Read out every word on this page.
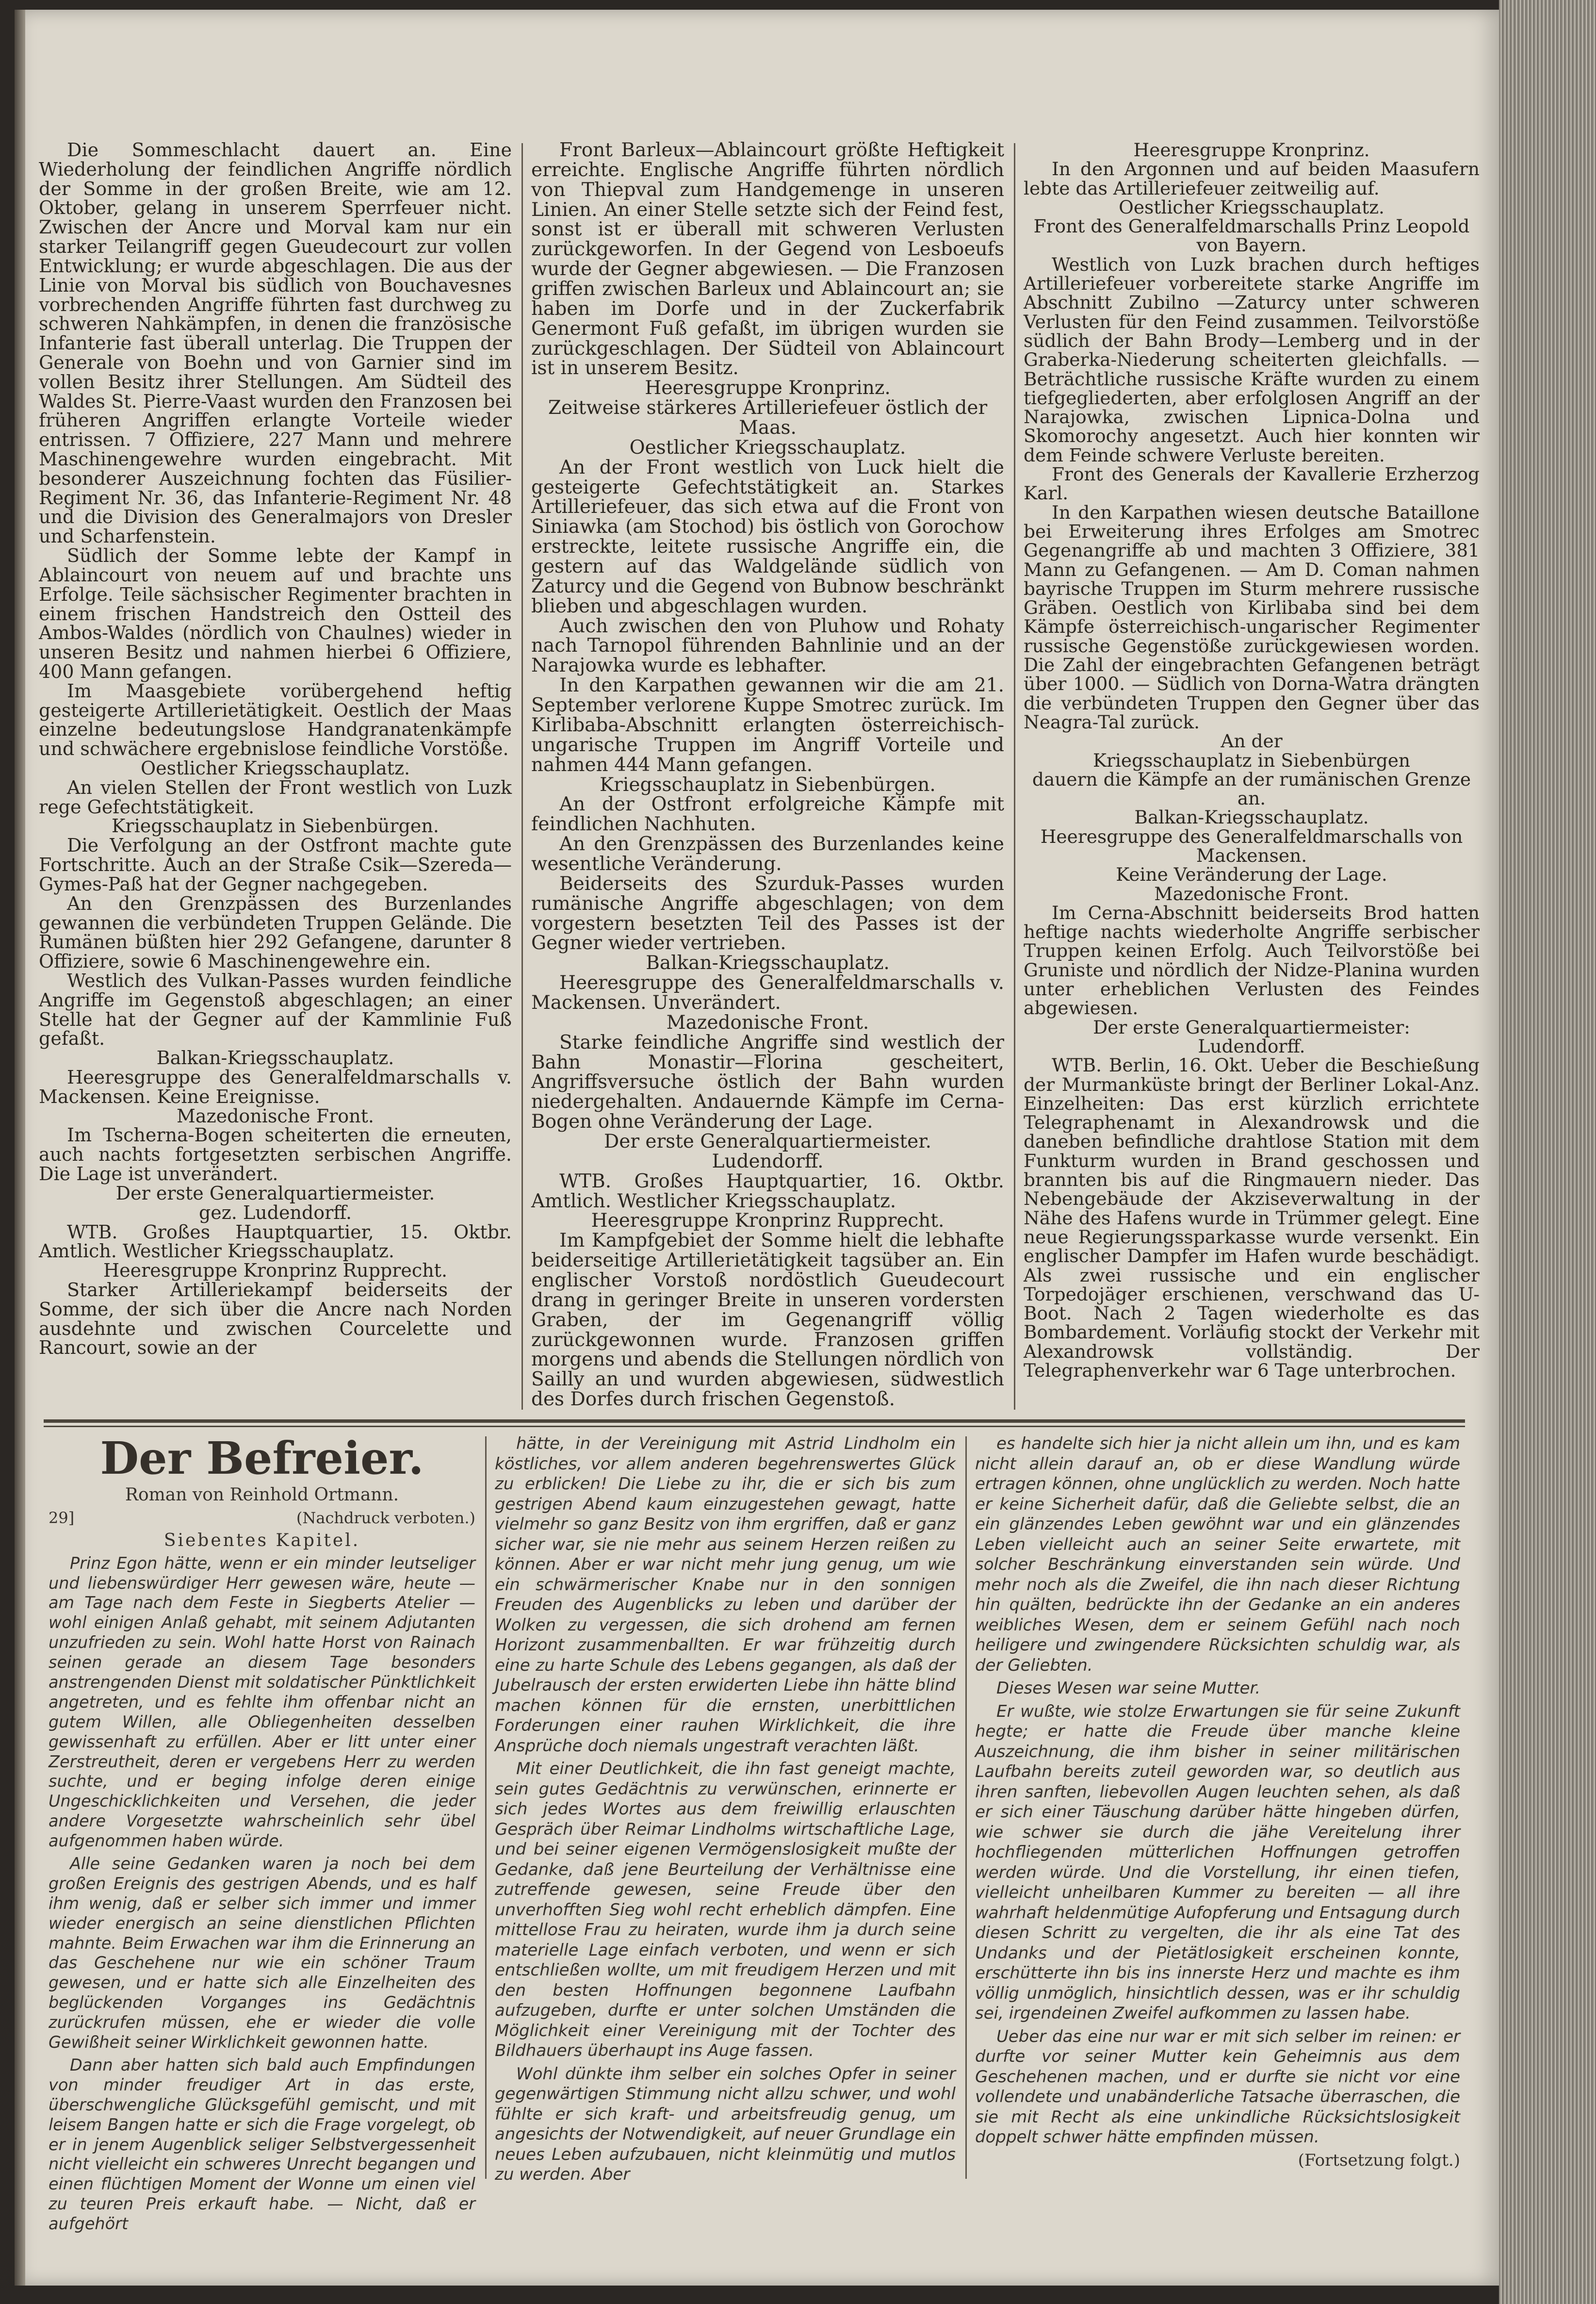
Die Sommeschlacht dauert an. Eine Wiederholung der feindlichen Angriffe nördlich der Somme in der großen Breite, wie am 12. Oktober, gelang in unserem Sperrfeuer nicht. Zwischen der Ancre und Morval kam nur ein starker Teilangriff gegen Gueudecourt zur vollen Entwicklung; er wurde abgeschlagen. Die aus der Linie von Morval bis südlich von Bouchavesnes vorbrechenden Angriffe führten fast durchweg zu schweren Nahkämpfen, in denen die französische Infanterie fast überall unterlag. Die Truppen der Generale von Boehn und von Garnier sind im vollen Besitz ihrer Stellungen. Am Südteil des Waldes St. Pierre-Vaast wurden den Franzosen bei früheren Angriffen erlangte Vorteile wieder entrissen. 7 Offiziere, 227 Mann und mehrere Maschinengewehre wurden eingebracht. Mit besonderer Auszeichnung fochten das Füsilier-Regiment Nr. 36, das Infanterie-Regiment Nr. 48 und die Division des Generalmajors von Dresler und Scharfenstein.

Südlich der Somme lebte der Kampf in Ablaincourt von neuem auf und brachte uns Erfolge. Teile sächsischer Regimenter brachten in einem frischen Handstreich den Ostteil des Ambos-Waldes (nördlich von Chaulnes) wieder in unseren Besitz und nahmen hierbei 6 Offiziere, 400 Mann gefangen.

Im Maasgebiete vorübergehend heftig gesteigerte Artillerietätigkeit. Oestlich der Maas einzelne bedeutungslose Handgranatenkämpfe und schwächere ergebnislose feindliche Vorstöße.

Oestlicher Kriegsschauplatz.

An vielen Stellen der Front westlich von Luzk rege Gefechtstätigkeit.

Kriegsschauplatz in Siebenbürgen.

Die Verfolgung an der Ostfront machte gute Fortschritte. Auch an der Straße Csik—Szereda—Gymes-Paß hat der Gegner nachgegeben.

An den Grenzpässen des Burzenlandes gewannen die verbündeten Truppen Gelände. Die Rumänen büßten hier 292 Gefangene, darunter 8 Offiziere, sowie 6 Maschinengewehre ein.

Westlich des Vulkan-Passes wurden feindliche Angriffe im Gegenstoß abgeschlagen; an einer Stelle hat der Gegner auf der Kammlinie Fuß gefaßt.

Balkan-Kriegsschauplatz.

Heeresgruppe des Generalfeldmarschalls v. Mackensen. Keine Ereignisse.

Mazedonische Front.

Im Tscherna-Bogen scheiterten die erneuten, auch nachts fortgesetzten serbischen Angriffe. Die Lage ist unverändert.

Der erste Generalquartiermeister.

gez. Ludendorff.

WTB. Großes Hauptquartier, 15. Oktbr. Amtlich. Westlicher Kriegsschauplatz.

Heeresgruppe Kronprinz Rupprecht.

Starker Artilleriekampf beiderseits der Somme, der sich über die Ancre nach Norden ausdehnte und zwischen Courcelette und Rancourt, sowie an der

Front Barleux—Ablaincourt größte Heftigkeit erreichte. Englische Angriffe führten nördlich von Thiepval zum Handgemenge in unseren Linien. An einer Stelle setzte sich der Feind fest, sonst ist er überall mit schweren Verlusten zurückgeworfen. In der Gegend von Lesboeufs wurde der Gegner abgewiesen. — Die Franzosen griffen zwischen Barleux und Ablaincourt an; sie haben im Dorfe und in der Zuckerfabrik Genermont Fuß gefaßt, im übrigen wurden sie zurückgeschlagen. Der Südteil von Ablaincourt ist in unserem Besitz.

Heeresgruppe Kronprinz.

Zeitweise stärkeres Artilleriefeuer östlich der Maas.

Oestlicher Kriegsschauplatz.

An der Front westlich von Luck hielt die gesteigerte Gefechtstätigkeit an. Starkes Artilleriefeuer, das sich etwa auf die Front von Siniawka (am Stochod) bis östlich von Gorochow erstreckte, leitete russische Angriffe ein, die gestern auf das Waldgelände südlich von Zaturcy und die Gegend von Bubnow beschränkt blieben und abgeschlagen wurden.

Auch zwischen den von Pluhow und Rohaty nach Tarnopol führenden Bahnlinie und an der Narajowka wurde es lebhafter.

In den Karpathen gewannen wir die am 21. September verlorene Kuppe Smotrec zurück. Im Kirlibaba-Abschnitt erlangten österreichisch-ungarische Truppen im Angriff Vorteile und nahmen 444 Mann gefangen.

Kriegsschauplatz in Siebenbürgen.

An der Ostfront erfolgreiche Kämpfe mit feindlichen Nachhuten.

An den Grenzpässen des Burzenlandes keine wesentliche Veränderung.

Beiderseits des Szurduk-Passes wurden rumänische Angriffe abgeschlagen; von dem vorgestern besetzten Teil des Passes ist der Gegner wieder vertrieben.

Balkan-Kriegsschauplatz.

Heeresgruppe des Generalfeldmarschalls v. Mackensen. Unverändert.

Mazedonische Front.

Starke feindliche Angriffe sind westlich der Bahn Monastir—Florina gescheitert, Angriffsversuche östlich der Bahn wurden niedergehalten. Andauernde Kämpfe im Cerna-Bogen ohne Veränderung der Lage.

Der erste Generalquartiermeister.

Ludendorff.

WTB. Großes Hauptquartier, 16. Oktbr. Amtlich. Westlicher Kriegsschauplatz.

Heeresgruppe Kronprinz Rupprecht.

Im Kampfgebiet der Somme hielt die lebhafte beiderseitige Artillerietätigkeit tagsüber an. Ein englischer Vorstoß nordöstlich Gueudecourt drang in geringer Breite in unseren vordersten Graben, der im Gegenangriff völlig zurückgewonnen wurde. Franzosen griffen morgens und abends die Stellungen nördlich von Sailly an und wurden abgewiesen, südwestlich des Dorfes durch frischen Gegenstoß.

Heeresgruppe Kronprinz.

In den Argonnen und auf beiden Maasufern lebte das Artilleriefeuer zeitweilig auf.

Oestlicher Kriegsschauplatz.

Front des Generalfeldmarschalls Prinz Leopold von Bayern.

Westlich von Luzk brachen durch heftiges Artilleriefeuer vorbereitete starke Angriffe im Abschnitt Zubilno —Zaturcy unter schweren Verlusten für den Feind zusammen. Teilvorstöße südlich der Bahn Brody—Lemberg und in der Graberka-Niederung scheiterten gleichfalls. — Beträchtliche russische Kräfte wurden zu einem tiefgegliederten, aber erfolglosen Angriff an der Narajowka, zwischen Lipnica-Dolna und Skomorochy angesetzt. Auch hier konnten wir dem Feinde schwere Verluste bereiten.

Front des Generals der Kavallerie Erzherzog Karl.

In den Karpathen wiesen deutsche Bataillone bei Erweiterung ihres Erfolges am Smotrec Gegenangriffe ab und machten 3 Offiziere, 381 Mann zu Gefangenen. — Am D. Coman nahmen bayrische Truppen im Sturm mehrere russische Gräben. Oestlich von Kirlibaba sind bei dem Kämpfe österreichisch-ungarischer Regimenter russische Gegenstöße zurückgewiesen worden. Die Zahl der eingebrachten Gefangenen beträgt über 1000. — Südlich von Dorna-Watra drängten die verbündeten Truppen den Gegner über das Neagra-Tal zurück.

An der

Kriegsschauplatz in Siebenbürgen

dauern die Kämpfe an der rumänischen Grenze an.

Balkan-Kriegsschauplatz.

Heeresgruppe des Generalfeldmarschalls von Mackensen.

Keine Veränderung der Lage.

Mazedonische Front.

Im Cerna-Abschnitt beiderseits Brod hatten heftige nachts wiederholte Angriffe serbischer Truppen keinen Erfolg. Auch Teilvorstöße bei Gruniste und nördlich der Nidze-Planina wurden unter erheblichen Verlusten des Feindes abgewiesen.

Der erste Generalquartiermeister:

Ludendorff.

WTB. Berlin, 16. Okt. Ueber die Beschießung der Murmanküste bringt der Berliner Lokal-Anz. Einzelheiten: Das erst kürzlich errichtete Telegraphenamt in Alexandrowsk und die daneben befindliche drahtlose Station mit dem Funkturm wurden in Brand geschossen und brannten bis auf die Ringmauern nieder. Das Nebengebäude der Akziseverwaltung in der Nähe des Hafens wurde in Trümmer gelegt. Eine neue Regierungssparkasse wurde versenkt. Ein englischer Dampfer im Hafen wurde beschädigt. Als zwei russische und ein englischer Torpedojäger erschienen, verschwand das U-Boot. Nach 2 Tagen wiederholte es das Bombardement. Vorläufig stockt der Verkehr mit Alexandrowsk vollständig. Der Telegraphenverkehr war 6 Tage unterbrochen.

Der Befreier.

Roman von Reinhold Ortmann.

29]	(Nachdruck verboten.)

Siebentes Kapitel.

Prinz Egon hätte, wenn er ein minder leutseliger und liebenswürdiger Herr gewesen wäre, heute — am Tage nach dem Feste in Siegberts Atelier — wohl einigen Anlaß gehabt, mit seinem Adjutanten unzufrieden zu sein. Wohl hatte Horst von Rainach seinen gerade an diesem Tage besonders anstrengenden Dienst mit soldatischer Pünktlichkeit angetreten, und es fehlte ihm offenbar nicht an gutem Willen, alle Obliegenheiten desselben gewissenhaft zu erfüllen. Aber er litt unter einer Zerstreutheit, deren er vergebens Herr zu werden suchte, und er beging infolge deren einige Ungeschicklichkeiten und Versehen, die jeder andere Vorgesetzte wahrscheinlich sehr übel aufgenommen haben würde.

Alle seine Gedanken waren ja noch bei dem großen Ereignis des gestrigen Abends, und es half ihm wenig, daß er selber sich immer und immer wieder energisch an seine dienstlichen Pflichten mahnte. Beim Erwachen war ihm die Erinnerung an das Geschehene nur wie ein schöner Traum gewesen, und er hatte sich alle Einzelheiten des beglückenden Vorganges ins Gedächtnis zurückrufen müssen, ehe er wieder die volle Gewißheit seiner Wirklichkeit gewonnen hatte.

Dann aber hatten sich bald auch Empfindungen von minder freudiger Art in das erste, überschwengliche Glücksgefühl gemischt, und mit leisem Bangen hatte er sich die Frage vorgelegt, ob er in jenem Augenblick seliger Selbstvergessenheit nicht vielleicht ein schweres Unrecht begangen und einen flüchtigen Moment der Wonne um einen viel zu teuren Preis erkauft habe. — Nicht, daß er aufgehört

hätte, in der Vereinigung mit Astrid Lindholm ein köstliches, vor allem anderen begehrenswertes Glück zu erblicken! Die Liebe zu ihr, die er sich bis zum gestrigen Abend kaum einzugestehen gewagt, hatte vielmehr so ganz Besitz von ihm ergriffen, daß er ganz sicher war, sie nie mehr aus seinem Herzen reißen zu können. Aber er war nicht mehr jung genug, um wie ein schwärmerischer Knabe nur in den sonnigen Freuden des Augenblicks zu leben und darüber der Wolken zu vergessen, die sich drohend am fernen Horizont zusammenballten. Er war frühzeitig durch eine zu harte Schule des Lebens gegangen, als daß der Jubelrausch der ersten erwiderten Liebe ihn hätte blind machen können für die ernsten, unerbittlichen Forderungen einer rauhen Wirklichkeit, die ihre Ansprüche doch niemals ungestraft verachten läßt.

Mit einer Deutlichkeit, die ihn fast geneigt machte, sein gutes Gedächtnis zu verwünschen, erinnerte er sich jedes Wortes aus dem freiwillig erlauschten Gespräch über Reimar Lindholms wirtschaftliche Lage, und bei seiner eigenen Vermögenslosigkeit mußte der Gedanke, daß jene Beurteilung der Verhältnisse eine zutreffende gewesen, seine Freude über den unverhofften Sieg wohl recht erheblich dämpfen. Eine mittellose Frau zu heiraten, wurde ihm ja durch seine materielle Lage einfach verboten, und wenn er sich entschließen wollte, um mit freudigem Herzen und mit den besten Hoffnungen begonnene Laufbahn aufzugeben, durfte er unter solchen Umständen die Möglichkeit einer Vereinigung mit der Tochter des Bildhauers überhaupt ins Auge fassen.

Wohl dünkte ihm selber ein solches Opfer in seiner gegenwärtigen Stimmung nicht allzu schwer, und wohl fühlte er sich kraft- und arbeitsfreudig genug, um angesichts der Notwendigkeit, auf neuer Grundlage ein neues Leben aufzubauen, nicht kleinmütig und mutlos zu werden. Aber

es handelte sich hier ja nicht allein um ihn, und es kam nicht allein darauf an, ob er diese Wandlung würde ertragen können, ohne unglücklich zu werden. Noch hatte er keine Sicherheit dafür, daß die Geliebte selbst, die an ein glänzendes Leben gewöhnt war und ein glänzendes Leben vielleicht auch an seiner Seite erwartete, mit solcher Beschränkung einverstanden sein würde. Und mehr noch als die Zweifel, die ihn nach dieser Richtung hin quälten, bedrückte ihn der Gedanke an ein anderes weibliches Wesen, dem er seinem Gefühl nach noch heiligere und zwingendere Rücksichten schuldig war, als der Geliebten.

Dieses Wesen war seine Mutter.

Er wußte, wie stolze Erwartungen sie für seine Zukunft hegte; er hatte die Freude über manche kleine Auszeichnung, die ihm bisher in seiner militärischen Laufbahn bereits zuteil geworden war, so deutlich aus ihren sanften, liebevollen Augen leuchten sehen, als daß er sich einer Täuschung darüber hätte hingeben dürfen, wie schwer sie durch die jähe Vereitelung ihrer hochfliegenden mütterlichen Hoffnungen getroffen werden würde. Und die Vorstellung, ihr einen tiefen, vielleicht unheilbaren Kummer zu bereiten — all ihre wahrhaft heldenmütige Aufopferung und Entsagung durch diesen Schritt zu vergelten, die ihr als eine Tat des Undanks und der Pietätlosigkeit erscheinen konnte, erschütterte ihn bis ins innerste Herz und machte es ihm völlig unmöglich, hinsichtlich dessen, was er ihr schuldig sei, irgendeinen Zweifel aufkommen zu lassen habe.

Ueber das eine nur war er mit sich selber im reinen: er durfte vor seiner Mutter kein Geheimnis aus dem Geschehenen machen, und er durfte sie nicht vor eine vollendete und unabänderliche Tatsache überraschen, die sie mit Recht als eine unkindliche Rücksichtslosigkeit doppelt schwer hätte empfinden müssen.

(Fortsetzung folgt.)
